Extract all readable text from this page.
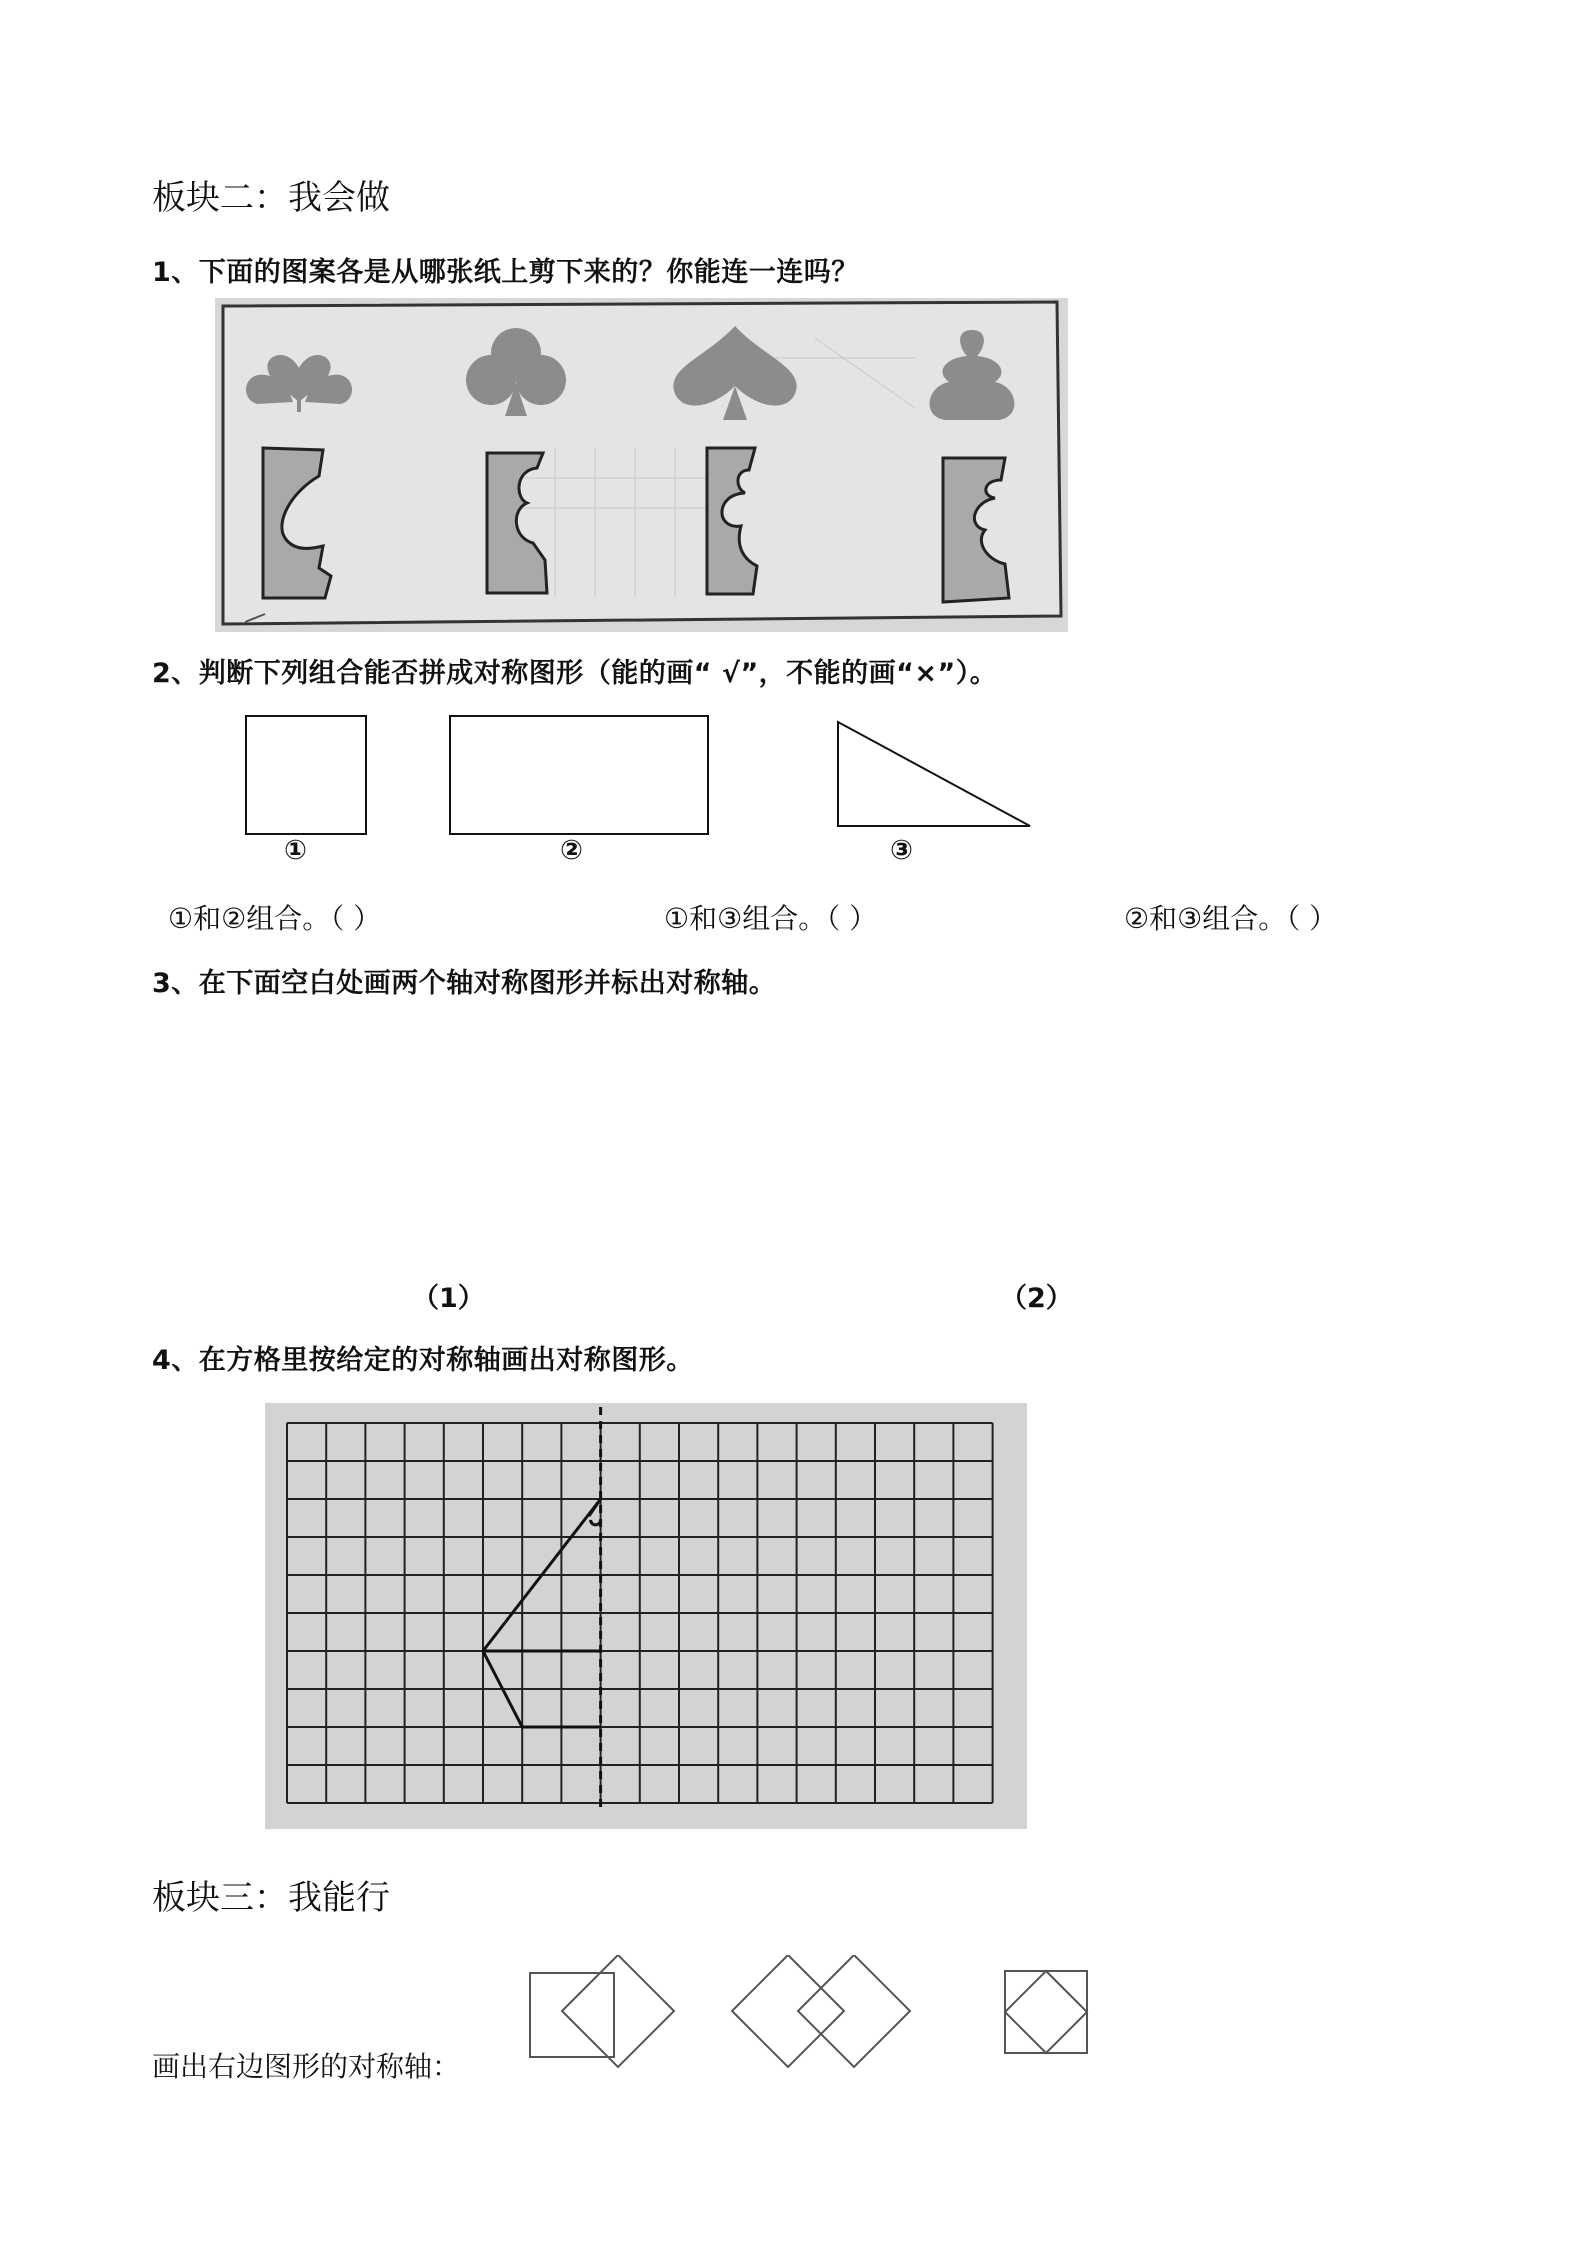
板块二：我会做
1、下面的图案各是从哪张纸上剪下来的？你能连一连吗？
2、判断下列组合能否拼成对称图形（能的画“ √”，不能的画“×”）。
①	②	③
①和②组合。（ ）	①和③组合。（ ）	②和③组合。（ ）
3、在下面空白处画两个轴对称图形并标出对称轴。
（1）	（2）
4、在方格里按给定的对称轴画出对称图形。
板块三：我能行
画出右边图形的对称轴：
